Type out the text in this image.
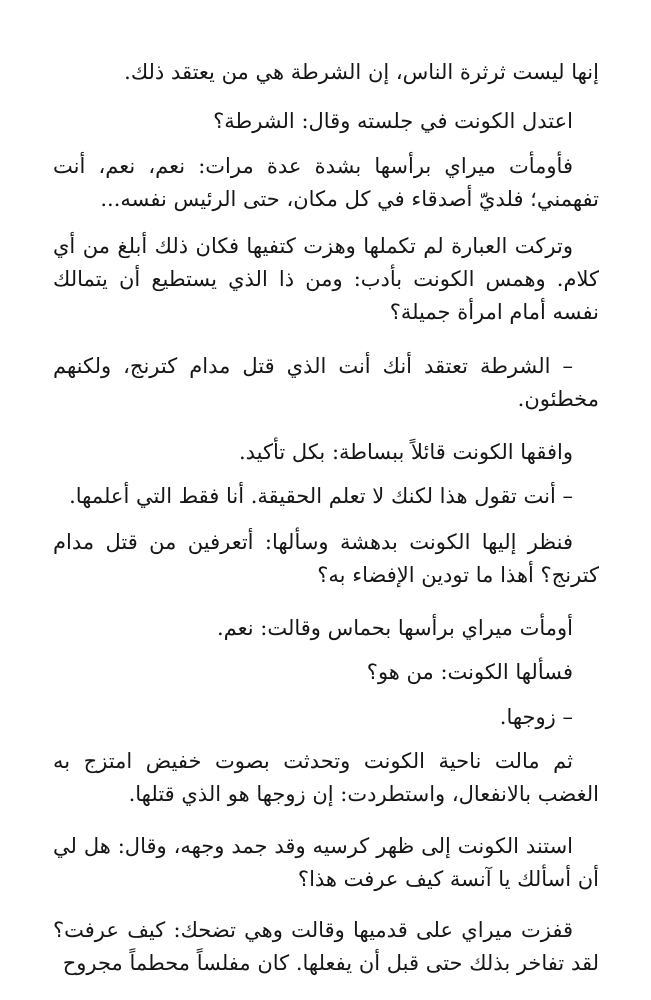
إنها ليست ثرثرة الناس، إن الشرطة هي من يعتقد ذلك.

اعتدل الكونت في جلسته وقال: الشرطة؟

فأومأت ميراي برأسها بشدة عدة مرات: نعم، نعم، أنت تفهمني؛ فلديّ أصدقاء في كل مكان، حتى الرئيس نفسه...

وتركت العبارة لم تكملها وهزت كتفيها فكان ذلك أبلغ من أي كلام. وهمس الكونت بأدب: ومن ذا الذي يستطيع أن يتمالك نفسه أمام امرأة جميلة؟

– الشرطة تعتقد أنك أنت الذي قتل مدام كترنج، ولكنهم مخطئون.

وافقها الكونت قائلاً ببساطة: بكل تأكيد.

– أنت تقول هذا لكنك لا تعلم الحقيقة. أنا فقط التي أعلمها.

فنظر إليها الكونت بدهشة وسألها: أتعرفين من قتل مدام كترنج؟ أهذا ما تودين الإفضاء به؟

أومأت ميراي برأسها بحماس وقالت: نعم.

فسألها الكونت: من هو؟

– زوجها.

ثم مالت ناحية الكونت وتحدثت بصوت خفيض امتزج به الغضب بالانفعال، واستطردت: إن زوجها هو الذي قتلها.

استند الكونت إلى ظهر كرسيه وقد جمد وجهه، وقال: هل لي أن أسألك يا آنسة كيف عرفت هذا؟

قفزت ميراي على قدميها وقالت وهي تضحك: كيف عرفت؟ لقد تفاخر بذلك حتى قبل أن يفعلها. كان مفلساً محطماً مجروح
